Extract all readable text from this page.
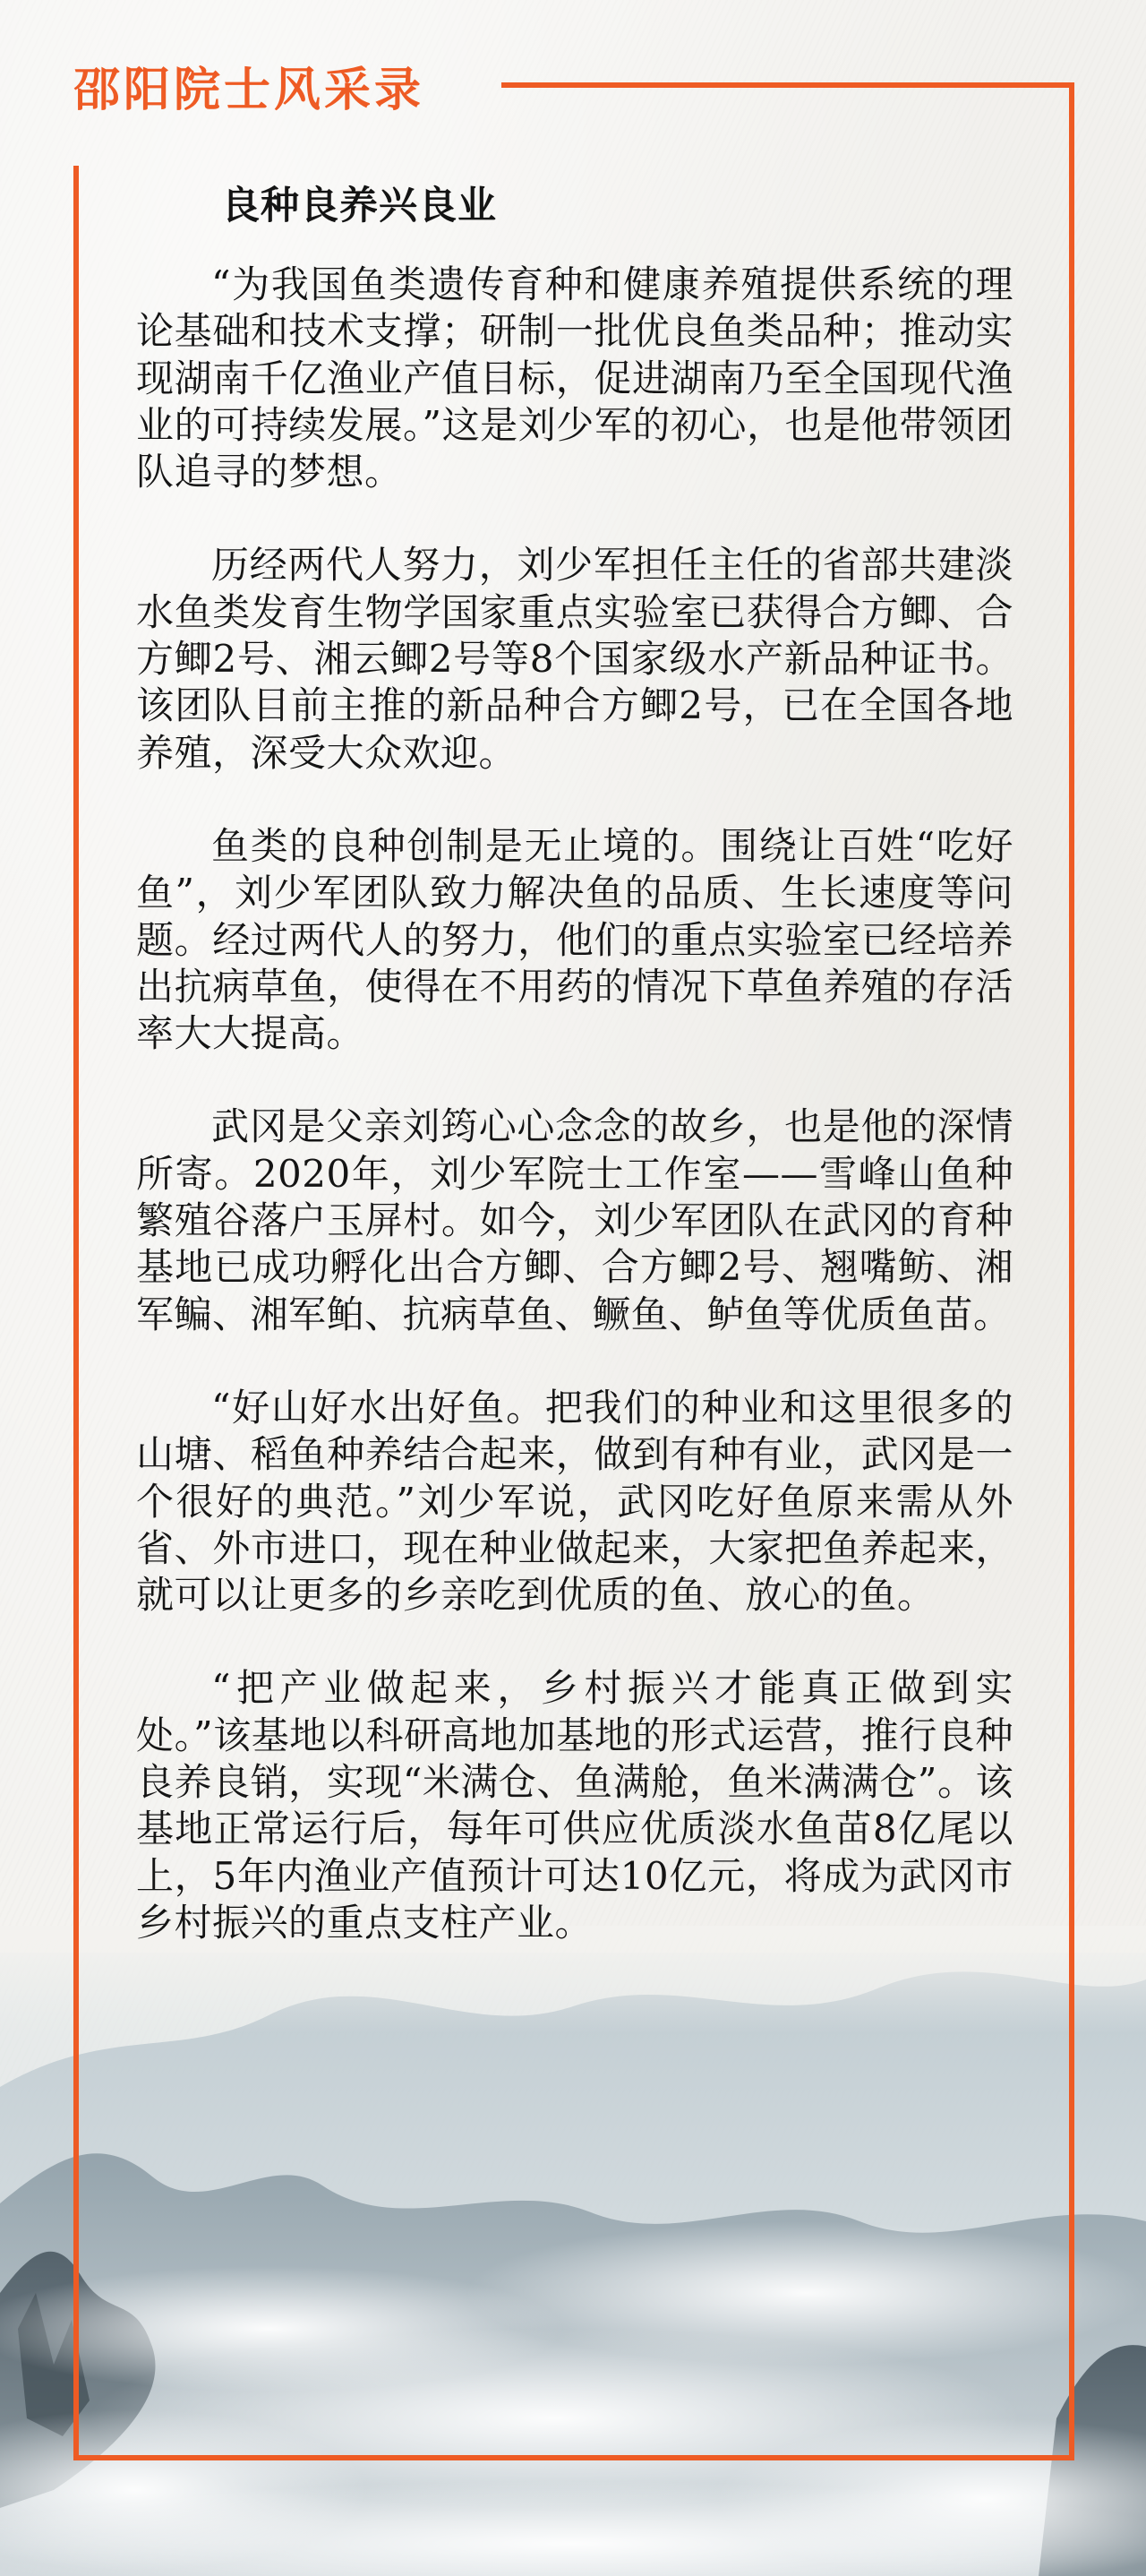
邵阳院士风采录
良种良养兴良业

“为我国鱼类遗传育种和健康养殖提供系统的理论基础和技术支撑；研制一批优良鱼类品种；推动实现湖南千亿渔业产值目标，促进湖南乃至全国现代渔业的可持续发展。”这是刘少军的初心，也是他带领团队追寻的梦想。

历经两代人努力，刘少军担任主任的省部共建淡水鱼类发育生物学国家重点实验室已获得合方鲫、合方鲫2号、湘云鲫2号等8个国家级水产新品种证书。该团队目前主推的新品种合方鲫2号，已在全国各地养殖，深受大众欢迎。

鱼类的良种创制是无止境的。围绕让百姓“吃好鱼”，刘少军团队致力解决鱼的品质、生长速度等问题。经过两代人的努力，他们的重点实验室已经培养出抗病草鱼，使得在不用药的情况下草鱼养殖的存活率大大提高。

武冈是父亲刘筠心心念念的故乡，也是他的深情所寄。2020年，刘少军院士工作室——雪峰山鱼种繁殖谷落户玉屏村。如今，刘少军团队在武冈的育种基地已成功孵化出合方鲫、合方鲫2号、翘嘴鲂、湘军鳊、湘军鲌、抗病草鱼、鳜鱼、鲈鱼等优质鱼苗。

“好山好水出好鱼。把我们的种业和这里很多的山塘、稻鱼种养结合起来，做到有种有业，武冈是一个很好的典范。”刘少军说，武冈吃好鱼原来需从外省、外市进口，现在种业做起来，大家把鱼养起来，就可以让更多的乡亲吃到优质的鱼、放心的鱼。

“把产业做起来，乡村振兴才能真正做到实处。”该基地以科研高地加基地的形式运营，推行良种良养良销，实现“米满仓、鱼满舱，鱼米满满仓”。该基地正常运行后，每年可供应优质淡水鱼苗8亿尾以上，5年内渔业产值预计可达10亿元，将成为武冈市乡村振兴的重点支柱产业。
